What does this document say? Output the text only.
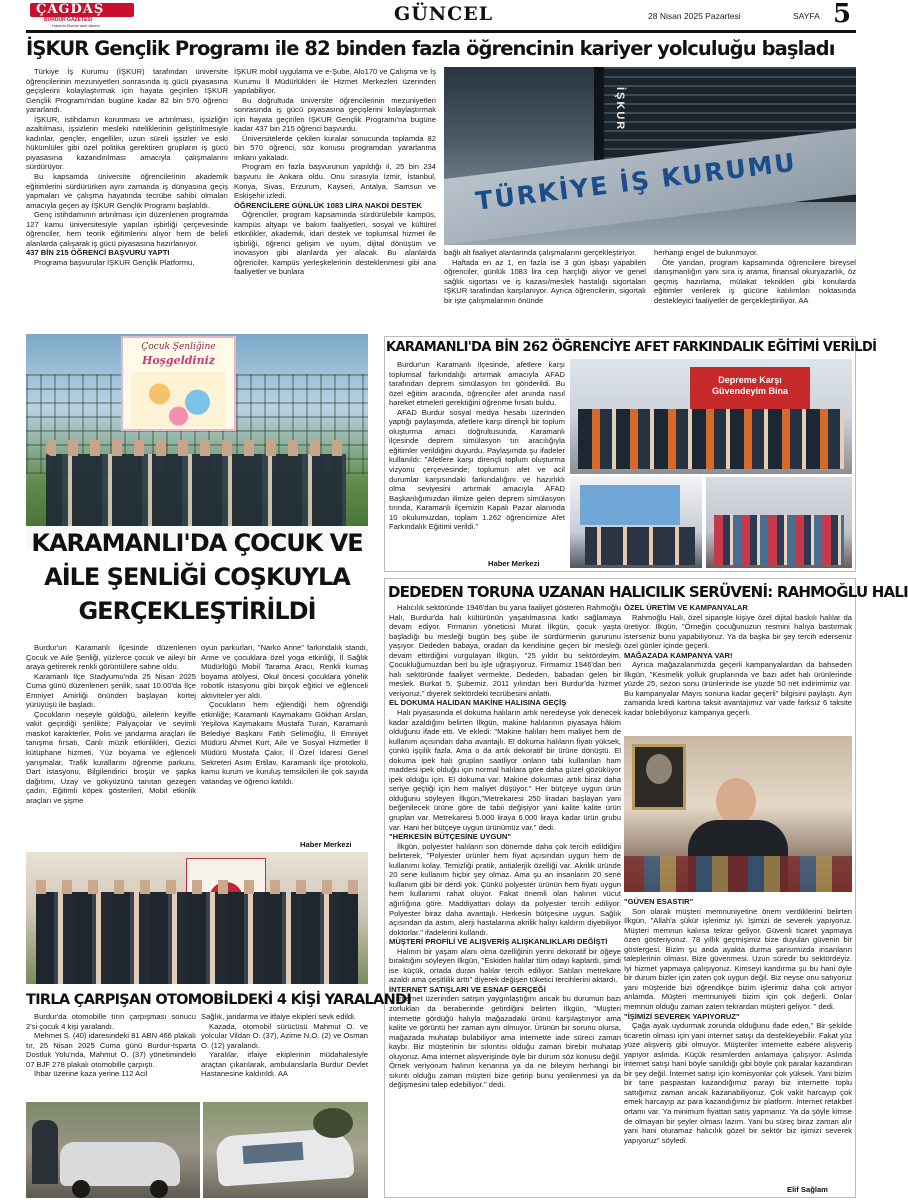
ÇAĞDAŞ
BURDUR GAZETESİ
Haberin Burdur'daki Adresi
GÜNCEL	28 Nisan 2025 Pazartesi	SAYFA 5
İŞKUR Gençlik Programı ile 82 binden fazla öğrencinin kariyer yolculuğu başladı

Türkiye İş Kurumu (İŞKUR) tarafından üniversite öğrencilerinin mezuniyetleri sonrasında iş gücü piyasasına geçişlerini kolaylaştırmak için hayata geçirilen İŞKUR Gençlik Programı'ndan bugüne kadar 82 bin 570 öğrenci yararlandı.

İŞKUR, istihdamın korunması ve artırılması, işsizliğin azaltılması, işsizlerin mesleki niteliklerinin geliştirilmesiyle kadınlar, gençler, engelliler, uzun süreli işsizler ve eski hükümlüler gibi özel politika gerektiren grupların iş gücü piyasasına kazandırılması amacıyla çalışmalarını sürdürüyor.

Bu kapsamda üniversite öğrencilerinin akademik eğitimlerini sürdürürken aynı zamanda iş dünyasına geçiş yapmaları ve çalışma hayatında tecrübe sahibi olmaları amacıyla geçen ay İŞKUR Gençlik Programı başlatıldı.

Genç istihdamının artırılması için düzenlenen programda 127 kamu üniversitesiyle yapılan işbirliği çerçevesinde öğrenciler, hem teorik eğitimlerini alıyor hem de belirli alanlarda çalışarak iş gücü piyasasına hazırlanıyor.

437 BİN 215 ÖĞRENCİ BAŞVURU YAPTI

Programa başvurular İŞKUR Gençlik Platformu,

İŞKUR mobil uygulama ve e-Şube, Alo170 ve Çalışma ve İş Kurumu İl Müdürlükleri ile Hizmet Merkezleri üzerinden yapılabiliyor.

Bu doğrultuda üniversite öğrencilerinin mezuniyetleri sonrasında iş gücü piyasasına geçişlerini kolaylaştırmak için hayata geçirilen İŞKUR Gençlik Programı'na bugüne kadar 437 bin 215 öğrenci başvurdu.

Üniversitelerde çekilen kuralar sonucunda toplamda 82 bin 570 öğrenci, söz konusu programdan yararlanma imkanı yakaladı.

Program en fazla başvurunun yapıldığı il, 25 bin 234 başvuru ile Ankara oldu. Onu sırasıyla İzmir, İstanbul, Konya, Sivas, Erzurum, Kayseri, Antalya, Samsun ve Eskişehir izledi.

ÖĞRENCİLERE GÜNLÜK 1083 LİRA NAKDİ DESTEK

Öğrenciler, program kapsamında sürdürülebilir kampüs, kampüs altyapı ve bakım faaliyetleri, sosyal ve kültürel etkinlikler, akademik, idari destek ve toplumsal hizmet ile işbirliği, öğrenci gelişim ve uyum, dijital dönüşüm ve inovasyon gibi alanlarda yer alacak. Bu alanlarda öğrenciler, kampüs yerleşkelerinin desteklenmesi gibi ana faaliyetler ve bunlara

İŞKUR
TÜRKİYE İŞ KURUMU

bağlı alt faaliyet alanlarında çalışmalarını gerçekleştiriyor.

Haftada en az 1, en fazla ise 3 gün işbaşı yapabilen öğrenciler, günlük 1083 lira cep harçlığı alıyor ve genel sağlık sigortası ve iş kazası/meslek hastalığı sigortaları İŞKUR tarafından karşılanıyor. Ayrıca öğrencilerin, sigortalı bir işte çalışmalarının önünde

herhangi engel de bulunmuyor.

Öte yandan, program kapsamında öğrencilere bireysel danışmanlığın yanı sıra iş arama, finansal okuryazarlık, öz geçmiş hazırlama, mülakat teknikleri gibi konularda eğitimler verilerek iş gücüne katılımları noktasında destekleyici faaliyetler de gerçekleştiriliyor. AA

Çocuk Şenliğine
Hoşgeldiniz
KARAMANLI'DA ÇOCUK VE
AİLE ŞENLİĞİ COŞKUYLA
GERÇEKLEŞTİRİLDİ

Burdur'un Karamanlı ilçesinde düzenlenen Çocuk ve Aile Şenliği, yüzlerce çocuk ve aileyi bir araya getirerek renkli görüntülere sahne oldu.

Karamanlı İlçe Stadyumu'nda 25 Nisan 2025 Cuma günü düzenlenen şenlik, saat 10.00'da İlçe Emniyet Amirliği önünden başlayan kortej yürüyüşü ile başladı.

Çocukların neşeyle güldüğü, ailelerin keyifle vakit geçirdiği şenlikte; Palyaçolar ve sevimli maskot karakterler, Polis ve jandarma araçları ile tanışma fırsatı, Canlı müzik etkinlikleri, Gezici kütüphane hizmeti, Yüz boyama ve eğlenceli yarışmalar, Trafik kurallarını öğrenme parkuru, Dart istasyonu, Bilgilendirici broşür ve şapka dağıtımı, Uzay ve gökyüzünü tanıtan gezegen çadırı, Eğitimli köpek gösterileri, Mobil etkinlik araçları ve şişme

oyun parkurları, "Narko Anne" farkındalık standı, Anne ve çocuklara özel yoga etkinliği, İl Sağlık Müdürlüğü Mobil Tarama Aracı, Renkli kumaş boyama atölyesi, Okul öncesi çocuklara yönelik robotik istasyonu gibi birçok eğitici ve eğlenceli aktiviteler yer aldı.

Çocukların hem eğlendiği hem öğrendiği etkinliğe; Karamanlı Kaymakamı Gökhan Arslan, Yeşilova Kaymakamı Mustafa Turan, Karamanlı Belediye Başkanı Fatih Selimoğlu, İl Emniyet Müdürü Ahmet Kurt, Aile ve Sosyal Hizmetler İl Müdürü Mustafa Çakır, İl Özel İdaresi Genel Sekreteri Asım Ertilav, Karamanlı ilçe protokolü, kamu kurum ve kuruluş temsilcileri ile çok sayıda vatandaş ve öğrenci katıldı.

Haber Merkezi
KARAMANLI'DA BİN 262 ÖĞRENCİYE AFET FARKINDALIK EĞİTİMİ VERİLDİ

Burdur'un Karamanlı ilçesinde, afetlere karşı toplumsal farkındalığı artırmak amacıyla AFAD tarafından deprem simülasyon tırı gönderildi. Bu özel eğitim aracında, öğrenciler afet anında nasıl hareket etmeleri gerektiğini öğrenme fırsatı buldu.

AFAD Burdur sosyal medya hesabı üzerinden yaptığı paylaşımda, afetlere karşı dirençli bir toplum oluşturma amacı doğrultusunda, Karamanlı ilçesinde deprem simülasyon tırı aracılığıyla eğitimler verildiğini duyurdu. Paylaşımda şu ifadeler kullanıldı: "Afetlere karşı dirençli toplum oluşturma vizyonu çerçevesinde; toplumun afet ve acil durumlar karşısındaki farkındalığını ve hazırlıklı olma seviyesini artırmak amacıyla AFAD Başkanlığımızdan ilimize gelen deprem simülasyon tırında, Karamanlı ilçemizin Kapalı Pazar alanında 10 okulumuzdan, toplam 1.262 öğrencimize Afet Farkındalık Eğitimi verildi."

Haber Merkezi
Depreme Karşı Güvendeyim Bina
DEDEDEN TORUNA UZANAN HALICILIK SERÜVENİ: RAHMOĞLU HALI

Halıcılık sektöründe 1946'dan bu yana faaliyet gösteren Rahmoğlu Halı, Burdur'da halı kültürünün yaşatılmasına katkı sağlamaya devam ediyor. Firmanın yöneticisi Murat İlkgün, çocuk yaşta başladığı bu mesleği bugün beş şube ile sürdürmenin gururunu yaşıyor. Dededen babaya, oradan da kendisine geçen bir mesleği devam ettirdiğini vurgulayan İlkgün, "25 yıldır bu sektördeyim. Çocukluğumuzdan beri bu işle uğraşıyoruz. Firmamız 1946'dan beri halı sektöründe faaliyet vermekte. Dededen, babadan gelen bir meslek. Burkat 5. Şubemiz. 2011 yılından beri Burdur'da hizmet veriyoruz." diyerek sektördeki tecrübesini anlattı.

EL DOKUMA HALIDAN MAKİNE HALISINA GEÇİŞ

Halı piyasasında el dokuma halıların artık neredeyse yok denecek kadar azaldığını belirten İlkgün, makine halılarının piyasaya hâkim olduğunu ifade etti. Ve ekledi: "Makine halıları hem maliyet hem de kullanım açısından daha avantajlı. El dokuma halıların fiyatı yüksek, çünkü işçilik fazla. Ama o da artık dekoratif bir ürüne dönüştü. El dokuma ipek halı grupları saatliyor onların tabi kullanılan ham maddesi ipek olduğu için normal halılara göre daha güzel gözüküyor ipek olduğu için. El dokuma var. Makine dokuması artık biraz daha seriye geçtiği için hem maliyet düşüyor." Her bütçeye uygun ürün olduğunu söyleyen İlkgün,"Metrekaresi 250 liradan başlayan yani beğenilecek ürüne göre de tabii değişiyor yani kalite kalite ürün grupları var. Metrekaresi 5.000 liraya 6.000 liraya kadar ürün grubu var. Hani her bütçeye uygun ürünümüz var." dedi.

"HERKESİN BÜTÇESİNE UYGUN"

İlkgün, polyester halıların son dönemde daha çok tercih edildiğini belirterek, "Polyester ürünler hem fiyat açısından uygun hem de kullanımı kolay. Temizliği pratik, antialerjik özelliği var. Akrilik üründe 20 sene kullanım hiçbir şey olmaz. Ama şu an insanların 20 sene kullanım gibi bir derdi yok. Çünkü polyester ürünün hem fiyatı uygun hem kullanımı rahat oluyor. Fakat önemli olan halının vücut ağırlığına göre. Maddiyattan dolayı da polyester tercih ediliyor. Polyester biraz daha avantajlı. Herkesin bütçesine uygun. Sağlık açısından da astım, alerji hastalarına akrilik halıyı kaldırın diyebiliyor doktorlar." ifadelerini kullandı.

MÜŞTERİ PROFİLİ VE ALIŞVERİŞ ALIŞKANLIKLARI DEĞİŞTİ

Halının bir yaşam alanı olma özelliğinin yerini dekoratif bir öğeye bıraktığını söyleyen İlkgün, "Eskiden halılar tüm odayı kaplardı, şimdi ise küçük, ortada duran halılar tercih ediliyor. Satılan metrekare azaldı ama çeşitlilik arttı" diyerek değişen tüketici tercihlerini aktardı.

İNTERNET SATIŞLARI VE ESNAF GERÇEĞİ

İnternet üzerinden satışın yaygınlaştığını ancak bu durumun bazı zorlukları da beraberinde getirdiğini belirten İlkgün, "Müşteri internette gördüğü halıyla mağazadaki ürünü karşılaştırıyor ama kalite ve görüntü her zaman aynı olmuyor. Ürünün bir sorunu olursa, mağazada muhatap bulabiliyor ama internette iade süreci zaman kaybı. Biz müşterinin bir sıkıntısı olduğu zaman birebir muhatap oluyoruz. Ama internet alışverişinde öyle bir durum söz konusu değil. Örnek veriyorum halının kenarına ya da ne bileyim herhangi bir sıkıntı olduğu zaman müşteri bize getirip bunu yenilenmesi ya da değişmesini talep edebiliyor." dedi.

ÖZEL ÜRETİM VE KAMPANYALAR

Rahmoğlu Halı, özel siparişle kişiye özel dijital baskılı halılar da üretiyor. İlkgün, "Örneğin çocuğunuzun resmini halıya bastırmak isterseniz bunu yapabiliyoruz. Ya da başka bir şey tercih ederseniz özel günler içinde geçerli.

MAĞAZADA KAMPANYA VAR!

Ayrıca mağazalarımızda geçerli kampanyalardan da bahseden İlkgün, "Kesmelik yolluk gruplarında ve bazı adet halı ürünlerinde yüzde 25, sezon sonu ürünlerinde ise yüzde 50 net indirimimiz var. Bu kampanyalar Mayıs sonuna kadar geçerli" bilgisini paylaştı. Ayrı zamanda kredi kartına taksit avantajımız var vade farksız 6 taksite kadar bölebiliyoruz kampanya geçerli.

"GÜVEN ESASTIR"

Son olarak müşteri memnuniyetine önem verdiklerini belirten İlkgün, "Allah'a şükür işlerimiz iyi. İşimizi de severek yapıyoruz. Müşteri memnun kalırsa tekrar geliyor. Güvenli ticaret yapmaya özen gösteriyoruz. 78 yıllık geçmişimiz bize duyulan güvenin bir göstergesi. Bizim şu anda ayakta durma şansımızda insanların taleplerinin olması. Bize güvenmesi. Uzun süredir bu sektördeyiz. İyi hizmet yapmaya çalışıyoruz. Kimseyi kandırma şu bu hani öyle bir durum bizler için zaten çok uygun değil. Biz neyse onu satıyoruz yani müşteride bizi öğrendikçe bizim işlerimiz daha çok artıyor anlamda. Müşteri memnuniyeti bizim için çok değerli. Onlar memnun olduğu zaman zaten tekrardan müşteri geliyor. " dedi.

"İŞİMİZİ SEVEREK YAPIYORUZ"

Çağa ayak uydurmak zorunda olduğunu ifade eden," Bir şekilde ticaretin olması için yani internet satışı da destekleyebilir. Fakat yüz yüze alışveriş gibi olmuyor. Müşteriler internette ezbere alışveriş yapıyor aslında. Küçük resimlerden anlamaya çalışıyor. Aslında internet satışı hani böyle sanıldığı gibi böyle çok paralar kazandıran bir şey değil. İnternet satışı için komisyonlar çok yüksek. Yani bizim bir tane paspastan kazandığımız parayı biz internette toplu sattığımız zaman ancak kazanabiliyoruz. Çok vakit harcayıp çok emek harcayıp az para kazandığımız bir platform. İnternet retakbet ortamı var. Ya minimum fiyattan satış yapmanız. Ya da şöyle kimse de olmayan bir şeyler olması lazım. Yani bu süreç biraz zaman alır yani hani oturamaz halıcılık gözel bir sektör biz işimizi severek yapıyoruz" söyledi.

Elif Sağlam
TIRLA ÇARPIŞAN OTOMOBİLDEKİ 4 KİŞİ YARALANDI

Burdur'da otomobille tırın çarpışması sonucu 2'si çocuk 4 kişi yaralandı.

Mehmet S. (40) idaresindeki 81 ABN 466 plakalı tır, 25 Nisan 2025 Cuma günü Burdur-Isparta Dostluk Yolu'nda, Mahmut O. (37) yönetimindeki 07 BJF 278 plakalı otomobille çarpıştı.

İhbar üzerine kaza yerine 112 Acil

Sağlık, jandarma ve itfaiye ekipleri sevk edildi.

Kazada, otomobil sürücüsü Mahmut O. ve yolcular Vildan O. (37), Azime N.O. (2) ve Osman O. (12) yaralandı.

Yaralılar, itfaiye ekiplerinin müdahalesiyle araçtan çıkarılarak, ambulanslarla Burdur Devlet Hastanesine kaldırıldı. AA
